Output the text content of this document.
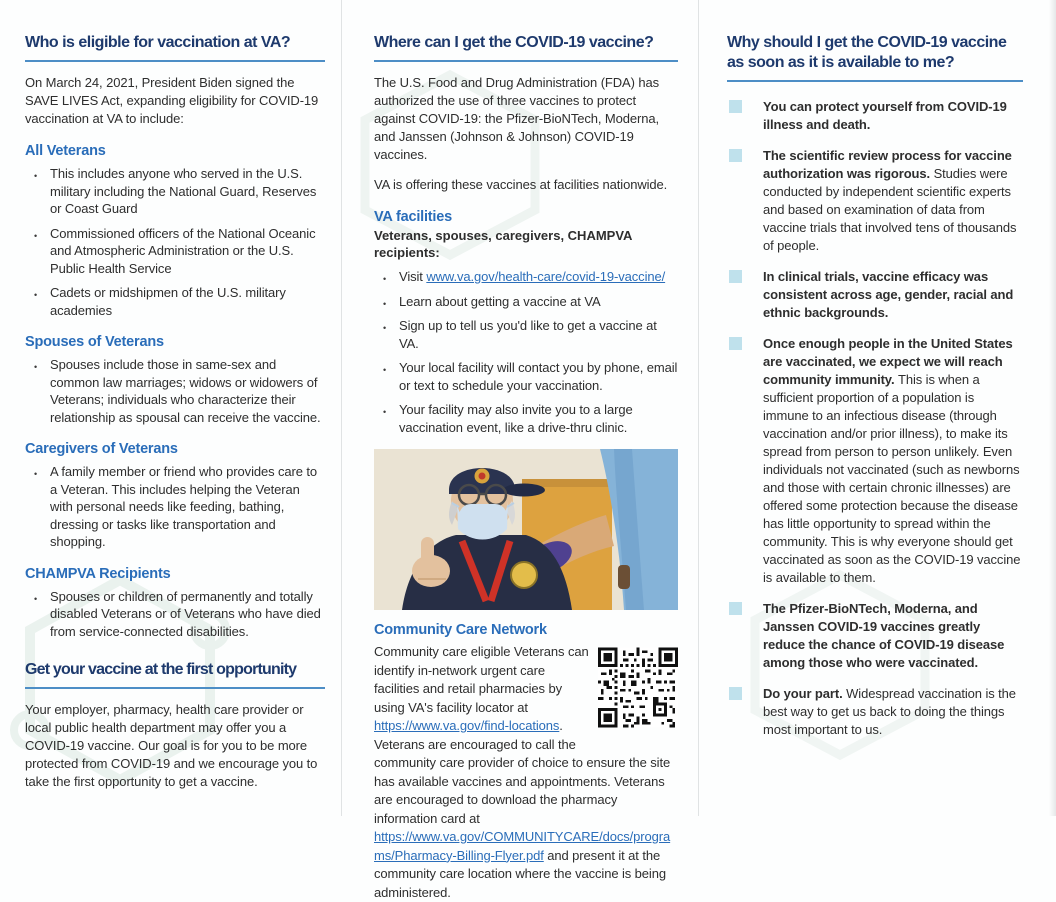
Who is eligible for vaccination at VA?

On March 24, 2021, President Biden signed the SAVE LIVES Act, expanding eligibility for COVID-19 vaccination at VA to include:

All Veterans
• This includes anyone who served in the U.S. military including the National Guard, Reserves or Coast Guard
• Commissioned officers of the National Oceanic and Atmospheric Administration or the U.S. Public Health Service
• Cadets or midshipmen of the U.S. military academies
Spouses of Veterans
• Spouses include those in same-sex and common law marriages; widows or widowers of Veterans; individuals who characterize their relationship as spousal can receive the vaccine.
Caregivers of Veterans
• A family member or friend who provides care to a Veteran. This includes helping the Veteran with personal needs like feeding, bathing, dressing or tasks like transportation and shopping.
CHAMPVA Recipients
• Spouses or children of permanently and totally disabled Veterans or of Veterans who have died from service-connected disabilities.
Get your vaccine at the first opportunity

Your employer, pharmacy, health care provider or local public health department may offer you a COVID-19 vaccine. Our goal is for you to be more protected from COVID-19 and we encourage you to take the first opportunity to get a vaccine.

Where can I get the COVID-19 vaccine?

The U.S. Food and Drug Administration (FDA) has authorized the use of three vaccines to protect against COVID-19: the Pfizer-BioNTech, Moderna, and Janssen (Johnson & Johnson) COVID-19 vaccines.

VA is offering these vaccines at facilities nationwide.

VA facilities

Veterans, spouses, caregivers, CHAMPVA recipients:

• Visit www.va.gov/health-care/covid-19-vaccine/
• Learn about getting a vaccine at VA
• Sign up to tell us you'd like to get a vaccine at VA.
• Your local facility will contact you by phone, email or text to schedule your vaccination.
• Your facility may also invite you to a large vaccination event, like a drive-thru clinic.
Community Care Network

Community care eligible Veterans can identify in-network urgent care facilities and retail pharmacies by using VA's facility locator at https://www.va.gov/find-locations. Veterans are encouraged to call the community care provider of choice to ensure the site has available vaccines and appointments. Veterans are encouraged to download the pharmacy information card at https://www.va.gov/COMMUNITYCARE/docs/programs/Pharmacy-Billing-Flyer.pdf and present it at the community care location where the vaccine is being administered.

Why should I get the COVID-19 vaccine
as soon as it is available to me?
You can protect yourself from COVID-19 illness and death.
The scientific review process for vaccine authorization was rigorous. Studies were conducted by independent scientific experts and based on examination of data from vaccine trials that involved tens of thousands of people.
In clinical trials, vaccine efficacy was consistent across age, gender, racial and ethnic backgrounds.
Once enough people in the United States are vaccinated, we expect we will reach community immunity. This is when a sufficient proportion of a population is immune to an infectious disease (through vaccination and/or prior illness), to make its spread from person to person unlikely. Even individuals not vaccinated (such as newborns and those with certain chronic illnesses) are offered some protection because the disease has little opportunity to spread within the community. This is why everyone should get vaccinated as soon as the COVID-19 vaccine is available to them.
The Pfizer-BioNTech, Moderna, and Janssen COVID-19 vaccines greatly reduce the chance of COVID-19 disease among those who were vaccinated.
Do your part. Widespread vaccination is the best way to get us back to doing the things most important to us.
